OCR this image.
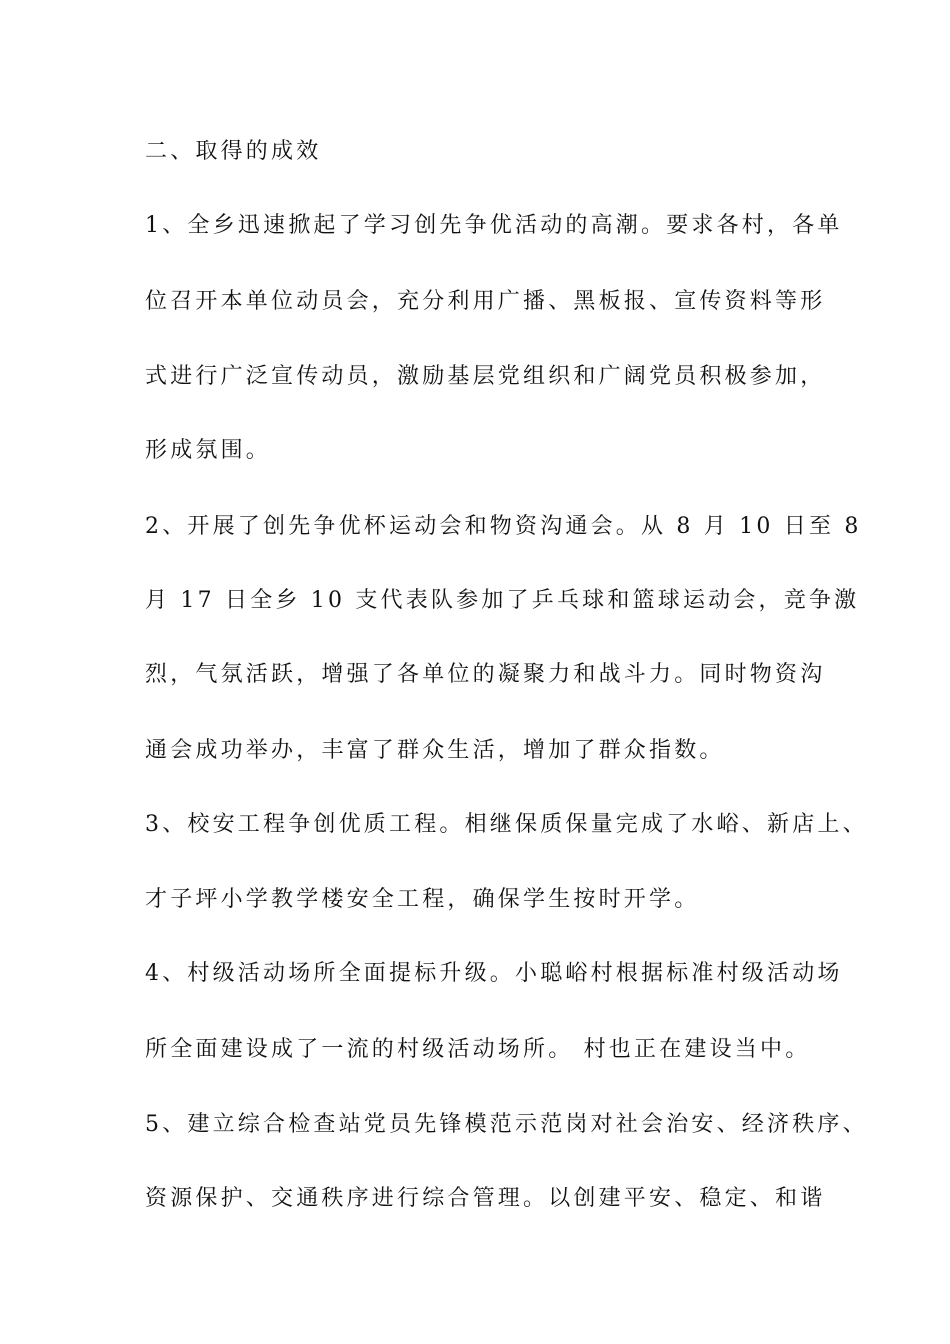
二、取得的成效
1、全乡迅速掀起了学习创先争优活动的高潮。要求各村，各单
位召开本单位动员会，充分利用广播、黑板报、宣传资料等形
式进行广泛宣传动员，激励基层党组织和广阔党员积极参加，
形成氛围。
2、开展了创先争优杯运动会和物资沟通会。从 8 月 10 日至 8
月 17 日全乡 10 支代表队参加了乒乓球和篮球运动会，竞争激
烈，气氛活跃，增强了各单位的凝聚力和战斗力。同时物资沟
通会成功举办，丰富了群众生活，增加了群众指数。
3、校安工程争创优质工程。相继保质保量完成了水峪、新店上、
才子坪小学教学楼安全工程，确保学生按时开学。
4、村级活动场所全面提标升级。小聪峪村根据标准村级活动场
所全面建设成了一流的村级活动场所。 村也正在建设当中。
5、建立综合检查站党员先锋模范示范岗对社会治安、经济秩序、
资源保护、交通秩序进行综合管理。以创建平安、稳定、和谐
